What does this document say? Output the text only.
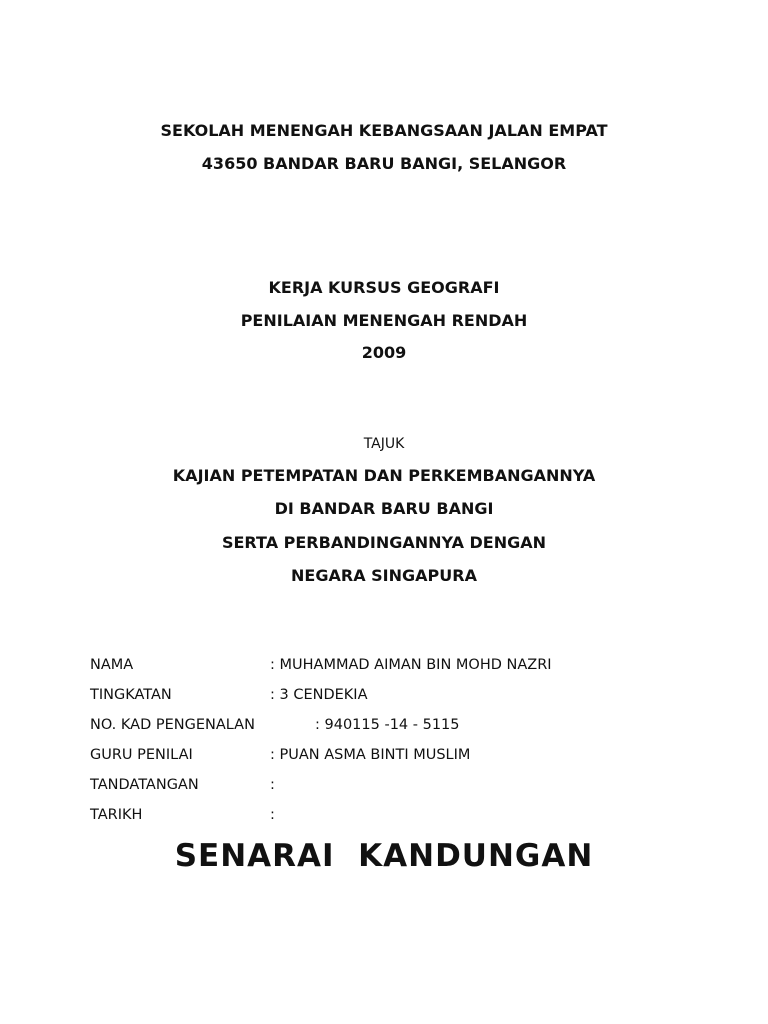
SEKOLAH MENENGAH KEBANGSAAN JALAN EMPAT
43650 BANDAR BARU BANGI, SELANGOR
KERJA KURSUS GEOGRAFI
PENILAIAN MENENGAH RENDAH
2009
TAJUK
KAJIAN PETEMPATAN DAN PERKEMBANGANNYA
DI BANDAR BARU BANGI
SERTA PERBANDINGANNYA DENGAN
NEGARA SINGAPURA
NAMA	: MUHAMMAD AIMAN BIN MOHD NAZRI
TINGKATAN	: 3 CENDEKIA
NO. KAD PENGENALAN	: 940115 -14 - 5115
GURU PENILAI	: PUAN ASMA BINTI MUSLIM
TANDATANGAN	:
TARIKH	:
SENARAI  KANDUNGAN
